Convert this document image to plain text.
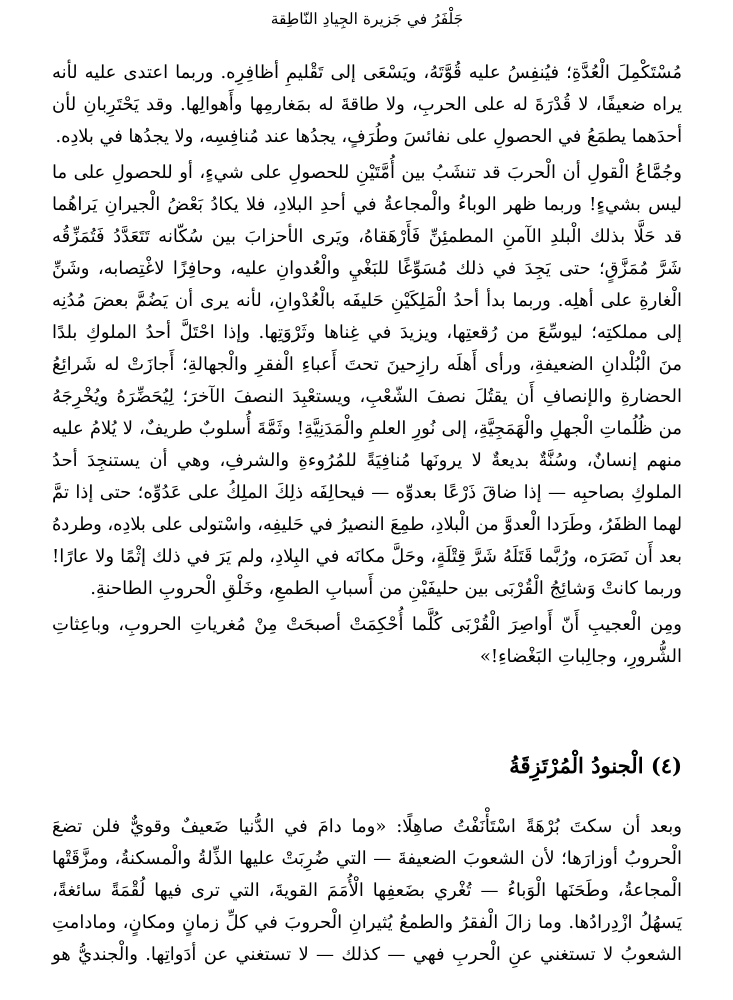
جَلْفَرُ في جَزيرة الجِيادِ النّاطِقة
مُسْتَكْمِلَ الْعُدَّةِ؛ فيُنفِسُ عليه قُوَّتَهُ، ويَسْعَى إلى تَقْليمِ أظافِرِه. وربما اعتدى عليه لأنه
يراه ضعيفًا، لا قُدْرَةَ له على الحربِ، ولا طاقةَ له بمَغارمِها وأَهوالِها. وقد يَحْتَرِبانِ لأن
أحدَهما يطمَعُ في الحصولِ على نفائسَ وطُرَفٍ، يجدُها عند مُنافِسِه، ولا يجدُها في بلادِه.
وجُمَّاعُ الْقولِ أن الْحربَ قد تنشَبُ بين أُمَّتَيْنِ للحصولِ على شيءٍ، أو للحصولِ على ما
ليس بشيءٍ! وربما ظهر الوباءُ والْمجاعةُ في أحدِ البلادِ، فلا يكادُ بَعْضُ الْجيرانِ يَراهُما
قد حَلَّا بذلك الْبلدِ الآمنِ المطمئِنِّ فَأَرْهَقاهُ، ويَرى الأحزابَ بين سُكّانه تَتَعَدَّدُ فَتُمَزِّقُه
شَرَّ مُمَزَّقٍ؛ حتى يَجِدَ في ذلك مُسَوِّغًا للبَغْيِ والْعُدوانِ عليه، وحافِزًا لاغْتِصابه، وشَنِّ
الْغارةِ على أهلِه. وربما بدأ أحدُ الْمَلِكَيْنِ حَليفَه بالْعُدْوانِ، لأنه يرى أن يَضُمَّ بعضَ مُدُنِه
إلى مملكتِه؛ ليوسِّعَ من رُقعتِها، ويزيدَ في غِناها وثَرْوَتِها. وإذا احْتَلَّ أحدُ الملوكِ بلدًا
منَ الْبُلْدانِ الضعيفةِ، ورأى أَهلَه رازِحينَ تحتَ أَعباءِ الْفقرِ والْجهالةِ؛ أَجازَتْ له شَرائِعُ
الحضارةِ والإنصافِ أَن يقتُلَ نصفَ الشّعْبِ، ويستعْبِدَ النصفَ الآخرَ؛ لِيُحَضِّرَهُ ويُخْرِجَهُ
من ظُلُماتِ الْجهلِ والْهَمَجِيَّةِ، إلى نُورِ العلمِ والْمَدَنِيَّةِ! وثَمَّةَ أُسلوبٌ طريفٌ، لا يُلامُ عليه
منهم إنسانٌ، وسُنَّةٌ بديعةٌ لا يرونَها مُنافِيَةً للمُرُوءةِ والشرفِ، وهي أن يستنجِدَ أحدُ
الملوكِ بصاحبِه — إذا ضاقَ ذَرْعًا بعدوِّه — فيحالِفَه ذلِكَ الملِكُ على عَدُوِّه؛ حتى إذا تمَّ
لهما الظفَرُ، وطَرَدا الْعدوَّ من الْبلادِ، طمِعَ النصيرُ في حَليفِه، واسْتولى على بلادِه، وطردهُ
بعد أَن نَصَرَه، ورُبَّما قَتَلَهُ شَرَّ قِتْلَةٍ، وحَلَّ مكانَه في البِلادِ، ولم يَرَ في ذلك إثْمًا ولا عارًا!
وربما كانتْ وَشائِجُ الْقُرْبَى بين حليفَيْنِ من أَسبابِ الطمعِ، وخَلْقِ الْحروبِ الطاحنةِ.
ومِن الْعجيبِ أَنّ أَواصِرَ الْقُرْبَى كُلَّما أُحْكِمَتْ أصبحَتْ مِنْ مُغرياتِ الحروبِ، وباعِثاتِ
الشُّرورِ، وجالِباتِ البَغْضاءِ!»
(٤) الْجنودُ الْمُرْتَزِقَةُ
وبعد أن سكتَ بُرْهَةً اسْتَأْنَفْتُ صاهِلًا: «وما دامَ في الدُّنيا ضَعيفٌ وقويٌّ فلن تضعَ
الْحروبُ أوزارَها؛ لأن الشعوبَ الضعيفةَ — التي ضُرِبَتْ عليها الذِّلةُ والْمسكنةُ، ومزَّقَتْها
الْمجاعةُ، وطَحَنَها الْوَباءُ — تُغْري بضَعفِها الْأُمَمَ القويةَ، التي ترى فيها لُقْمَةً سائغةً،
يَسهُلُ ازْدِرادُها. وما زالَ الْفقرُ والطمعُ يُثيرانِ الْحروبَ في كلِّ زمانٍ ومكانٍ، ومادامتِ
الشعوبُ لا تستغني عنِ الْحربِ فهي — كذلك — لا تستغني عن أدَواتِها. والْجنديُّ هو
